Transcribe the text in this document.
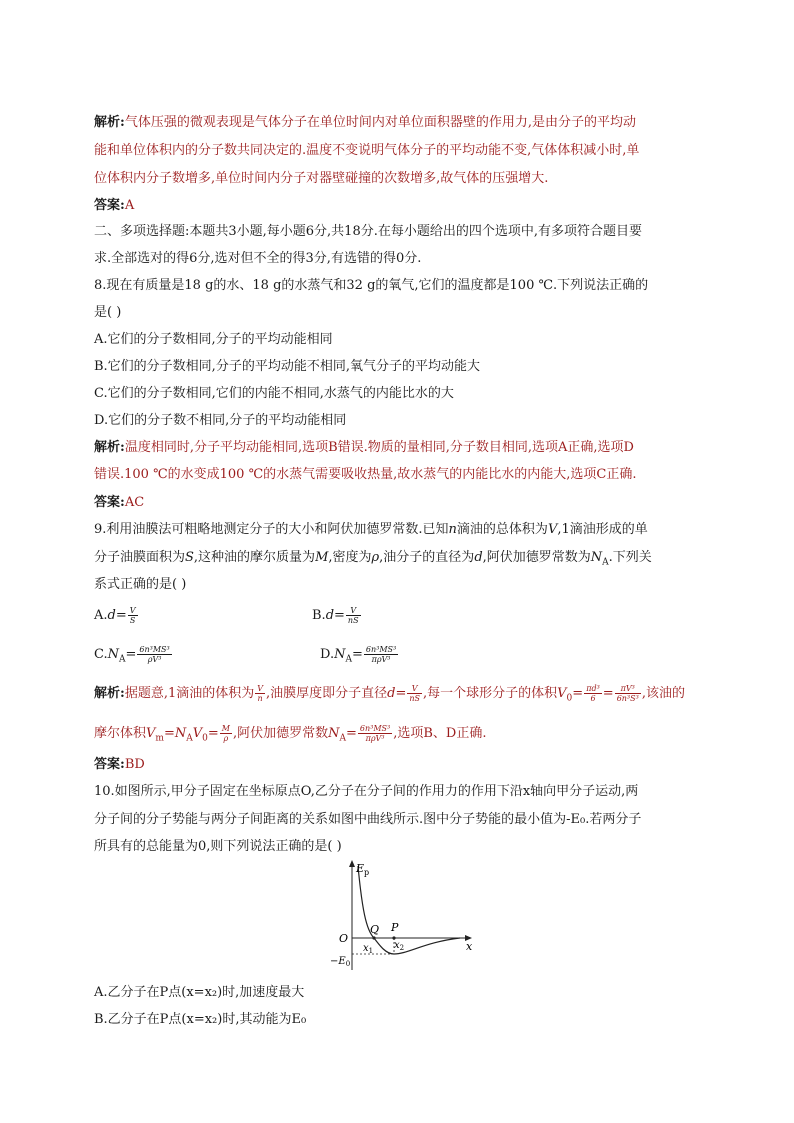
解析:气体压强的微观表现是气体分子在单位时间内对单位面积器壁的作用力,是由分子的平均动
能和单位体积内的分子数共同决定的.温度不变说明气体分子的平均动能不变,气体体积减小时,单
位体积内分子数增多,单位时间内分子对器壁碰撞的次数增多,故气体的压强增大.
答案:A
二、多项选择题:本题共3小题,每小题6分,共18分.在每小题给出的四个选项中,有多项符合题目要
求.全部选对的得6分,选对但不全的得3分,有选错的得0分.
8.现在有质量是18 g的水、18 g的水蒸气和32 g的氧气,它们的温度都是100 ℃.下列说法正确的
是( )
A.它们的分子数相同,分子的平均动能相同
B.它们的分子数相同,分子的平均动能不相同,氧气分子的平均动能大
C.它们的分子数相同,它们的内能不相同,水蒸气的内能比水的大
D.它们的分子数不相同,分子的平均动能相同
解析:温度相同时,分子平均动能相同,选项B错误.物质的量相同,分子数目相同,选项A正确,选项D
错误.100 ℃的水变成100 ℃的水蒸气需要吸收热量,故水蒸气的内能比水的内能大,选项C正确.
答案:AC
9.利用油膜法可粗略地测定分子的大小和阿伏加德罗常数.已知n滴油的总体积为V,1滴油形成的单
分子油膜面积为S,这种油的摩尔质量为M,密度为ρ,油分子的直径为d,阿伏加德罗常数为$N_A$.下列关
系式正确的是( )
$A.d= \frac{V}{S}$	$B.d= \frac{V}{nS}$
$C.N_A= \frac{\text{6n³MS³}}{\text{ρV³}}$	$D.N_A= \frac{\text{6n³MS³}}{\text{πρV³}}$
解析:据题意,1滴油的体积为 $\frac{V}{n}$ ,油膜厚度即分子直径$d= \frac{V}{nS}$ ,每一个球形分子的体积$V_0= \frac{\text{πd³}}{6} = \frac{\text{πV³}}{\text{6n³S³}}$ ,该油的
摩尔体积$V_m=N_AV_0= \frac{M}{\rho}$ ,阿伏加德罗常数$N_A= \frac{\text{6n³MS³}}{\text{πρV³}}$ ,选项B、D正确.
答案:BD
10.如图所示,甲分子固定在坐标原点O,乙分子在分子间的作用力的作用下沿x轴向甲分子运动,两
分子间的分子势能与两分子间距离的关系如图中曲线所示.图中分子势能的最小值为-E₀.若两分子
所具有的总能量为0,则下列说法正确的是( )
$E_p$
O
Q P
$x_1$ $x_2$	x
$-E_0$
A.乙分子在P点(x=x₂)时,加速度最大
B.乙分子在P点(x=x₂)时,其动能为E₀
